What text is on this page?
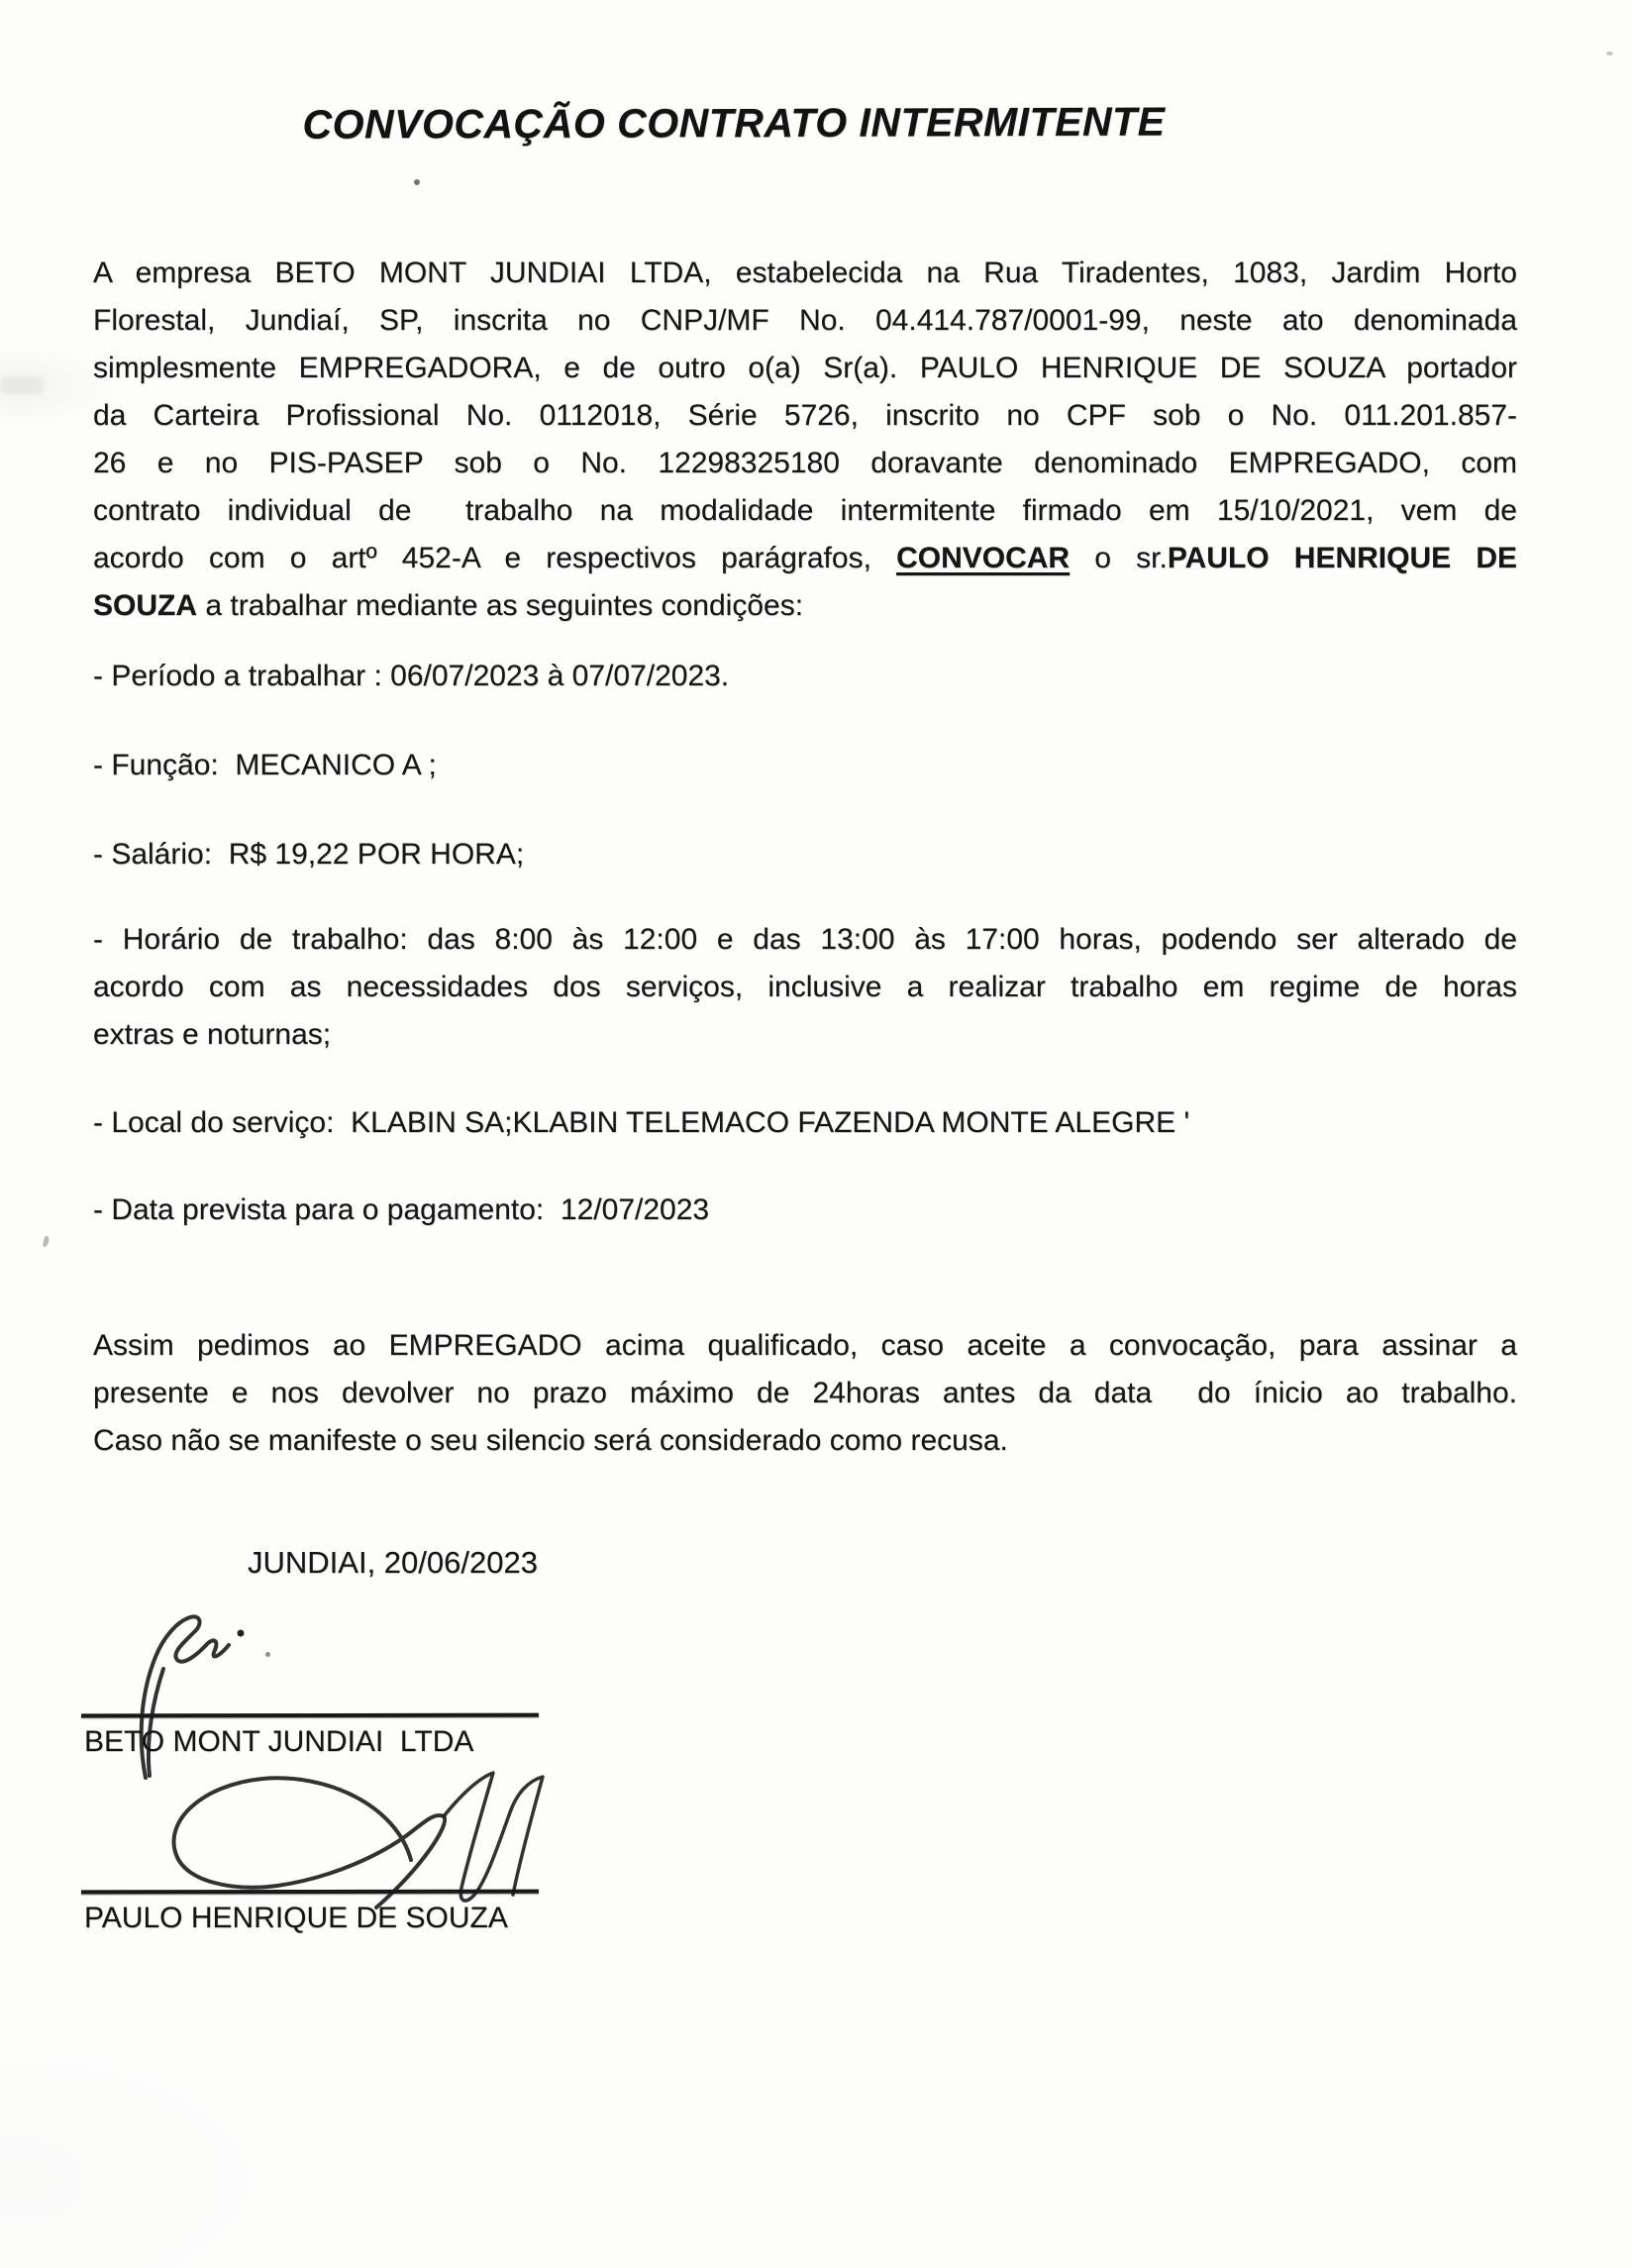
CONVOCAÇÃO CONTRATO INTERMITENTE
A empresa BETO MONT JUNDIAI LTDA, estabelecida na Rua Tiradentes, 1083, Jardim Horto
Florestal, Jundiaí, SP, inscrita no CNPJ/MF No. 04.414.787/0001-99, neste ato denominada
simplesmente EMPREGADORA, e de outro o(a) Sr(a). PAULO HENRIQUE DE SOUZA portador
da Carteira Profissional No. 0112018, Série 5726, inscrito no CPF sob o No. 011.201.857-
26 e no PIS-PASEP sob o No. 12298325180 doravante denominado EMPREGADO, com
contrato individual de  trabalho na modalidade intermitente firmado em 15/10/2021, vem de
acordo com o artº 452-A e respectivos parágrafos, CONVOCAR o sr.PAULO HENRIQUE DE
SOUZA a trabalhar mediante as seguintes condições:
- Período a trabalhar : 06/07/2023 à 07/07/2023.
- Função:  MECANICO A ;
- Salário:  R$ 19,22 POR HORA;
- Horário de trabalho: das 8:00 às 12:00 e das 13:00 às 17:00 horas, podendo ser alterado de
acordo com as necessidades dos serviços, inclusive a realizar trabalho em regime de horas
extras e noturnas;
- Local do serviço:  KLABIN SA;KLABIN TELEMACO FAZENDA MONTE ALEGRE '
- Data prevista para o pagamento:  12/07/2023
Assim pedimos ao EMPREGADO acima qualificado, caso aceite a convocação, para assinar a
presente e nos devolver no prazo máximo de 24horas antes da data  do ínicio ao trabalho.
Caso não se manifeste o seu silencio será considerado como recusa.
JUNDIAI, 20/06/2023
BETO MONT JUNDIAI  LTDA
PAULO HENRIQUE DE SOUZA
